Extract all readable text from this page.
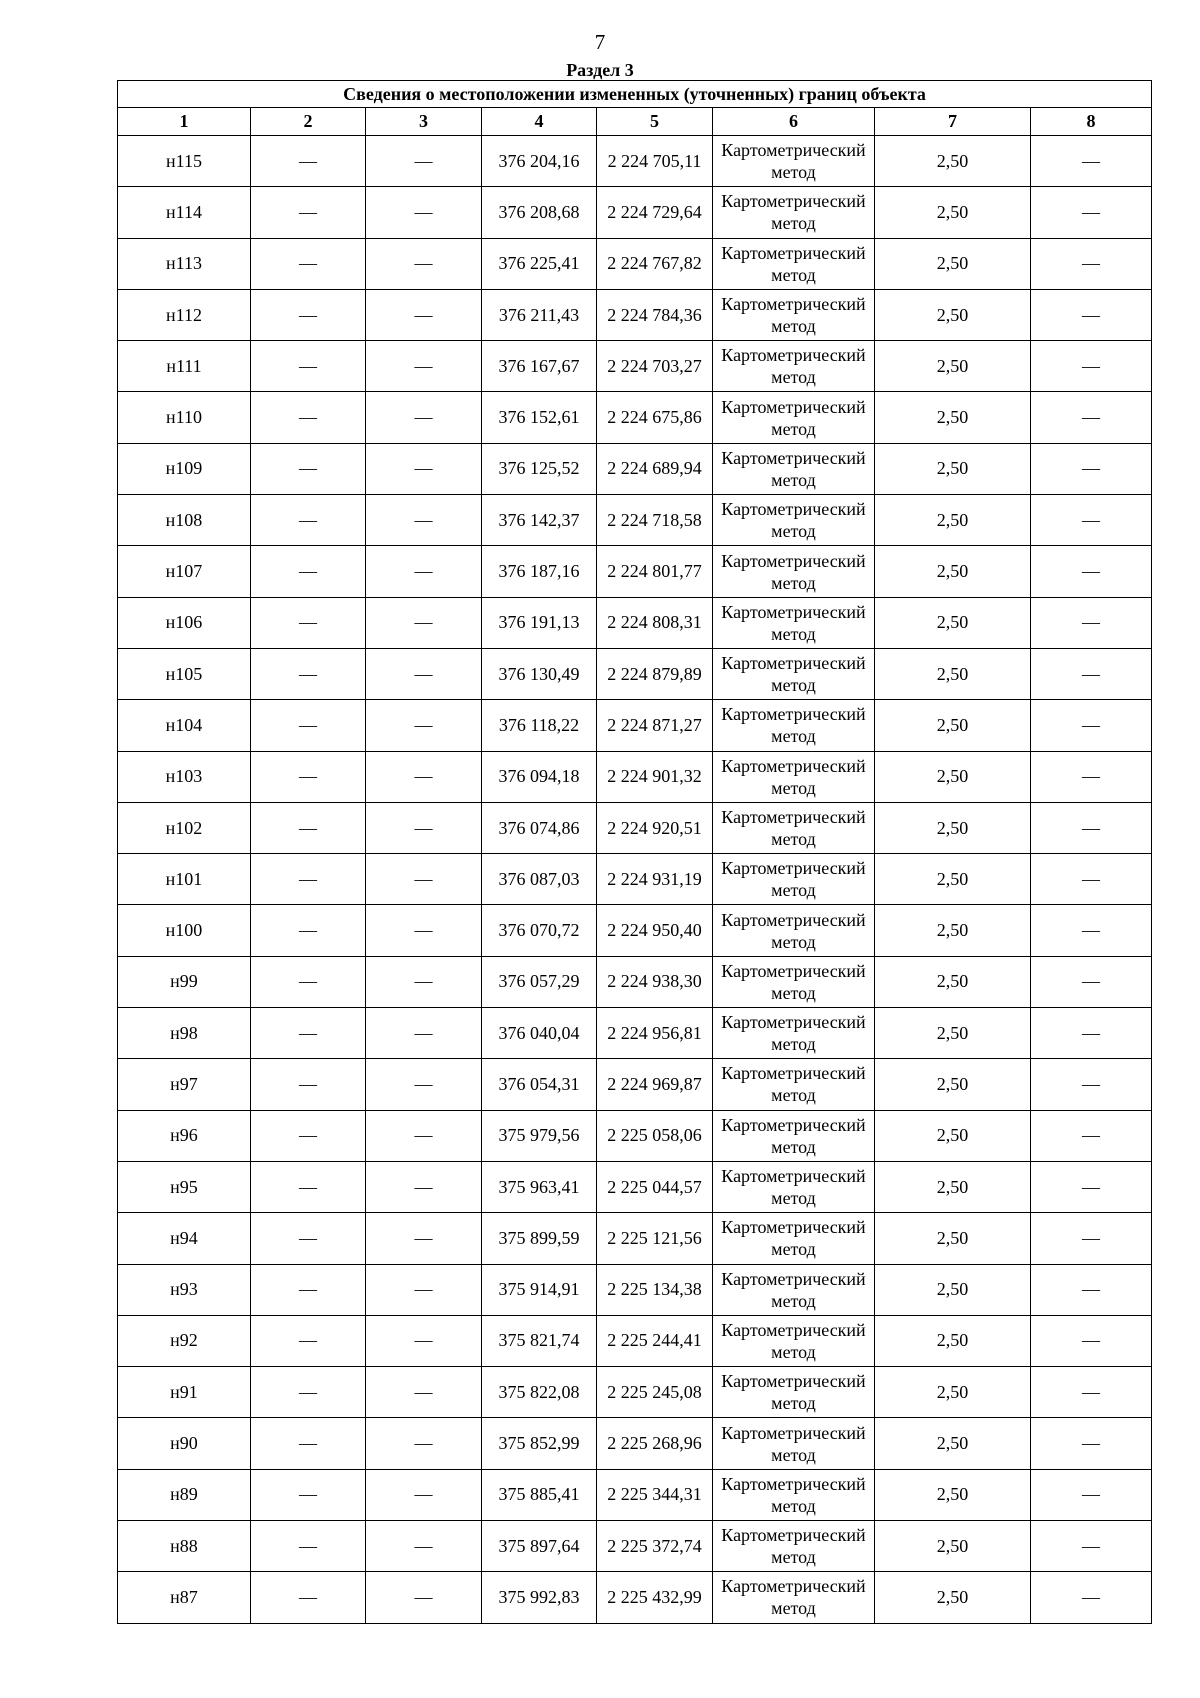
7
Раздел 3
Сведения о местоположении измененных (уточненных) границ объекта							
1	2	3	4	5	6	7	8
н115	—	—	376 204,16	2 224 705,11	Картометрический метод	2,50	—
н114	—	—	376 208,68	2 224 729,64	Картометрический метод	2,50	—
н113	—	—	376 225,41	2 224 767,82	Картометрический метод	2,50	—
н112	—	—	376 211,43	2 224 784,36	Картометрический метод	2,50	—
н111	—	—	376 167,67	2 224 703,27	Картометрический метод	2,50	—
н110	—	—	376 152,61	2 224 675,86	Картометрический метод	2,50	—
н109	—	—	376 125,52	2 224 689,94	Картометрический метод	2,50	—
н108	—	—	376 142,37	2 224 718,58	Картометрический метод	2,50	—
н107	—	—	376 187,16	2 224 801,77	Картометрический метод	2,50	—
н106	—	—	376 191,13	2 224 808,31	Картометрический метод	2,50	—
н105	—	—	376 130,49	2 224 879,89	Картометрический метод	2,50	—
н104	—	—	376 118,22	2 224 871,27	Картометрический метод	2,50	—
н103	—	—	376 094,18	2 224 901,32	Картометрический метод	2,50	—
н102	—	—	376 074,86	2 224 920,51	Картометрический метод	2,50	—
н101	—	—	376 087,03	2 224 931,19	Картометрический метод	2,50	—
н100	—	—	376 070,72	2 224 950,40	Картометрический метод	2,50	—
н99	—	—	376 057,29	2 224 938,30	Картометрический метод	2,50	—
н98	—	—	376 040,04	2 224 956,81	Картометрический метод	2,50	—
н97	—	—	376 054,31	2 224 969,87	Картометрический метод	2,50	—
н96	—	—	375 979,56	2 225 058,06	Картометрический метод	2,50	—
н95	—	—	375 963,41	2 225 044,57	Картометрический метод	2,50	—
н94	—	—	375 899,59	2 225 121,56	Картометрический метод	2,50	—
н93	—	—	375 914,91	2 225 134,38	Картометрический метод	2,50	—
н92	—	—	375 821,74	2 225 244,41	Картометрический метод	2,50	—
н91	—	—	375 822,08	2 225 245,08	Картометрический метод	2,50	—
н90	—	—	375 852,99	2 225 268,96	Картометрический метод	2,50	—
н89	—	—	375 885,41	2 225 344,31	Картометрический метод	2,50	—
н88	—	—	375 897,64	2 225 372,74	Картометрический метод	2,50	—
н87	—	—	375 992,83	2 225 432,99	Картометрический метод	2,50	—
